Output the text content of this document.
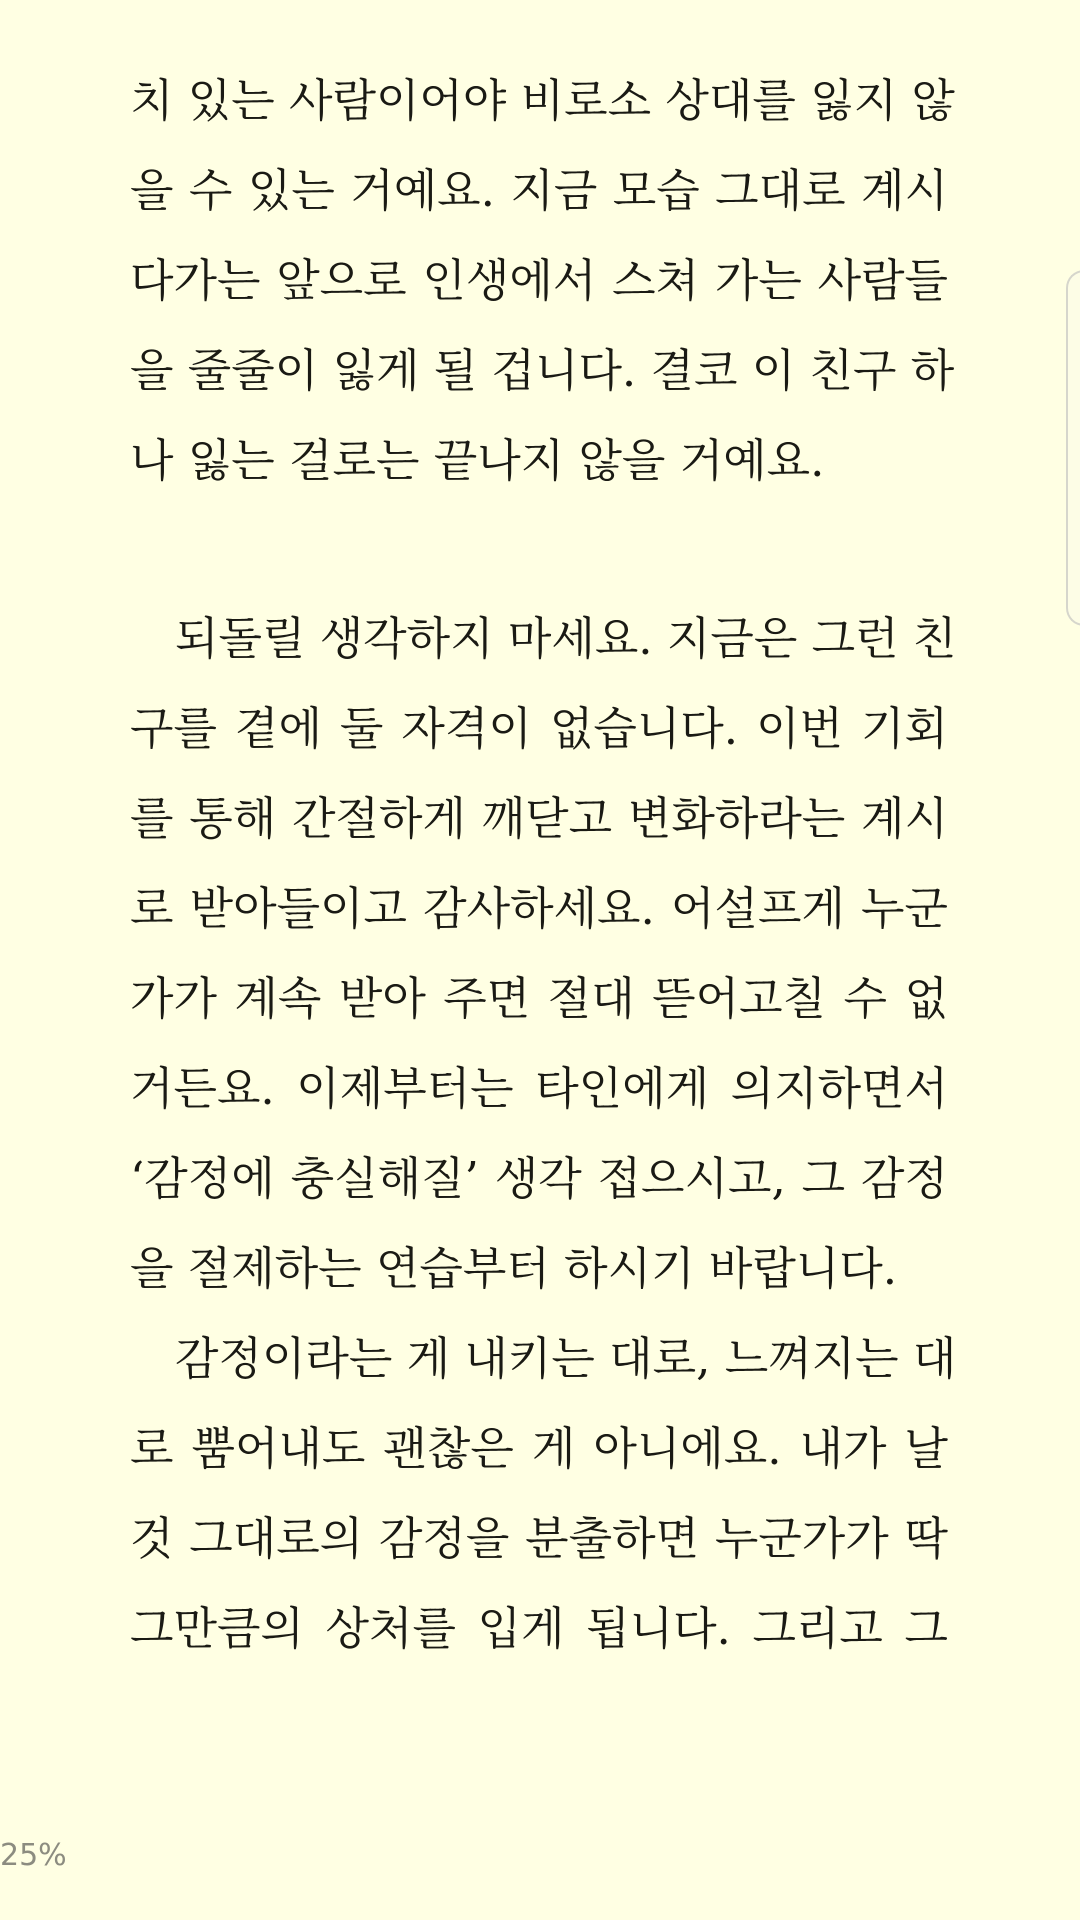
치 있는 사람이어야 비로소 상대를 잃지 않
을 수 있는 거예요. 지금 모습 그대로 계시
다가는 앞으로 인생에서 스쳐 가는 사람들
을 줄줄이 잃게 될 겁니다. 결코 이 친구 하
나 잃는 걸로는 끝나지 않을 거예요.
되돌릴 생각하지 마세요. 지금은 그런 친
구를 곁에 둘 자격이 없습니다. 이번 기회
를 통해 간절하게 깨닫고 변화하라는 계시
로 받아들이고 감사하세요. 어설프게 누군
가가 계속 받아 주면 절대 뜯어고칠 수 없
거든요. 이제부터는 타인에게 의지하면서
‘감정에 충실해질’ 생각 접으시고, 그 감정
을 절제하는 연습부터 하시기 바랍니다.
감정이라는 게 내키는 대로, 느껴지는 대
로 뿜어내도 괜찮은 게 아니에요. 내가 날
것 그대로의 감정을 분출하면 누군가가 딱
그만큼의 상처를 입게 됩니다. 그리고 그
25%
